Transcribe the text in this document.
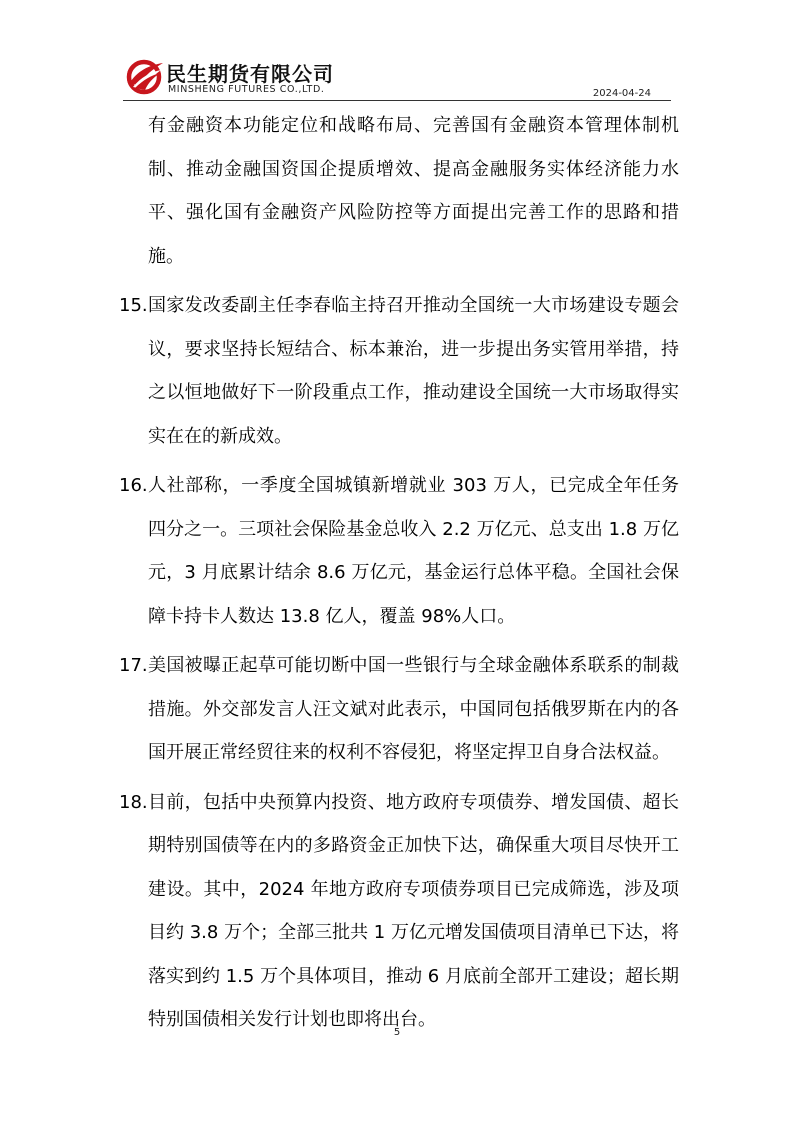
民生期货有限公司
MINSHENG FUTURES CO.,LTD.	2024-04-24
有金融资本功能定位和战略布局、完善国有金融资本管理体制机制、推动金融国资国企提质增效、提高金融服务实体经济能力水平、强化国有金融资产风险防控等方面提出完善工作的思路和措施。
15. 国家发改委副主任李春临主持召开推动全国统一大市场建设专题会议，要求坚持长短结合、标本兼治，进一步提出务实管用举措，持之以恒地做好下一阶段重点工作，推动建设全国统一大市场取得实实在在的新成效。
16. 人社部称，一季度全国城镇新增就业 303 万人，已完成全年任务四分之一。三项社会保险基金总收入 2.2 万亿元、总支出 1.8 万亿元，3 月底累计结余 8.6 万亿元，基金运行总体平稳。全国社会保障卡持卡人数达 13.8 亿人，覆盖 98%人口。
17. 美国被曝正起草可能切断中国一些银行与全球金融体系联系的制裁措施。外交部发言人汪文斌对此表示，中国同包括俄罗斯在内的各国开展正常经贸往来的权利不容侵犯，将坚定捍卫自身合法权益。
18. 目前，包括中央预算内投资、地方政府专项债券、增发国债、超长期特别国债等在内的多路资金正加快下达，确保重大项目尽快开工建设。其中，2024 年地方政府专项债券项目已完成筛选，涉及项目约 3.8 万个；全部三批共 1 万亿元增发国债项目清单已下达，将落实到约 1.5 万个具体项目，推动 6 月底前全部开工建设；超长期特别国债相关发行计划也即将出台。
5
